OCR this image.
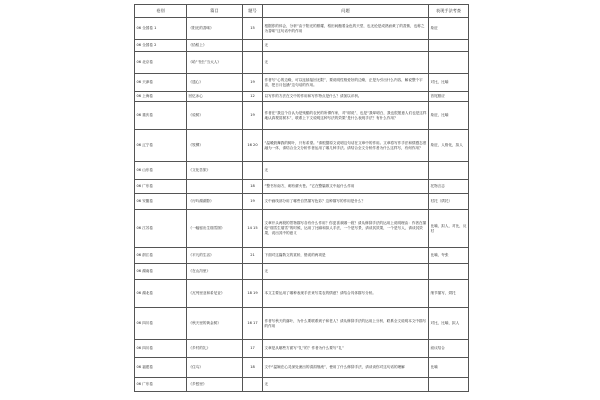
卷别	篇目	题号	问题	表现手法考查
06 全国卷 1	《阳光的香味》	15	根据你的体会，分析“由于阳光的照耀，稻田间酿着金色的天堂，也无论是成熟而黄了的香蕉，也称之为香味”这句话中的作用	象征
06 全国卷 2	《拾稻上》		无	
06 北京卷	《给“书虫”当大人》		无	
06 天津卷	《遗心》	19	作者写“心的边缘，可以连续接回无限”，要说明性格爱好的边缘，正是为引出什么内容，解说整个宇宙，把日月包涵“这句话的作用。	对比，比喻
06 上海卷	回忆冰心	12	以写作的方法在文中的作用和写作特点是什么？请加以评析。	首尾照应
06 重庆卷	《说树》	19	作者在“我这个自认为是残酷的农民的所谓作家，对“树说”，也是“我却明白，我也很愿意人们也是这样地认真观赏树木”，联系上下文说明这种写法的效果”是什么表现手法？有什么作用？	象征，比喻
06 辽宁卷	《牧柳》	16 20	“温暖鼓舞我的树叶，只有希望。”请根据原文说明这句话在文章中的作用。文章将写作手法和情感态度融为一体，请结合全文分析作者运用了哪几种手法。请结合全文分析作者为什么这样写，有何作用？	象征，人格化，拟人
06 山东卷	《文化苦旅》		无	
06 广东卷		18	“整书东南方，刺有薪火苍。”它在整篇散文中起什么作用	托物言志
06 安徽卷	《行吟湖湖影》	19	文中画线部分用了哪些自然描写色彩？这种描写的作用是什么？	衬托（烘托）
06 江苏卷	《一幅留出生瑞雪图》	14 15	文章开头两段的景物描写各有什么作用？你更喜欢哪一段？请从修辞手法的运用上说明理由：作者在描绘“瑞雪生瑞雪”的时候，运用了比喻和拟人手法，一个是写景，请谈其效果，一个是写人，请谈其效果，说出其中的意义	比喻，拟人，对比，反衬
06 浙江卷	《平凡的生活》	21	下面对这篇散文的赏析，错误的两项是	比喻，夸张
06 湖南卷	《在山沟里》		无	
06 湖北卷	《瓦列里亚和希尼亚》	18 19	本文主要运用了哪种表现手法来写菜农的情意？请结合具体描写分析。	细节描写，烘托
06 四川卷	《秋天里的黄金树》	16 17	作者写秋天的落叶，为什么要联系到子和老人？请从修辞手法的运用上分析，联系全文说明本文中描写的作用	对比，比喻，拟人
06 四川卷	《乡村的礼》	17	文章是从哪些方面写“礼”的？作者为什么要写“礼”	叙议结合
06 福建卷	《住乌》	18	文中“温婉在心灵深处流出的涓涓细流”，使用了什么修辞手法，请谈谈你对这句话的理解	比喻
06 广东卷	《乡愁里》		无	
